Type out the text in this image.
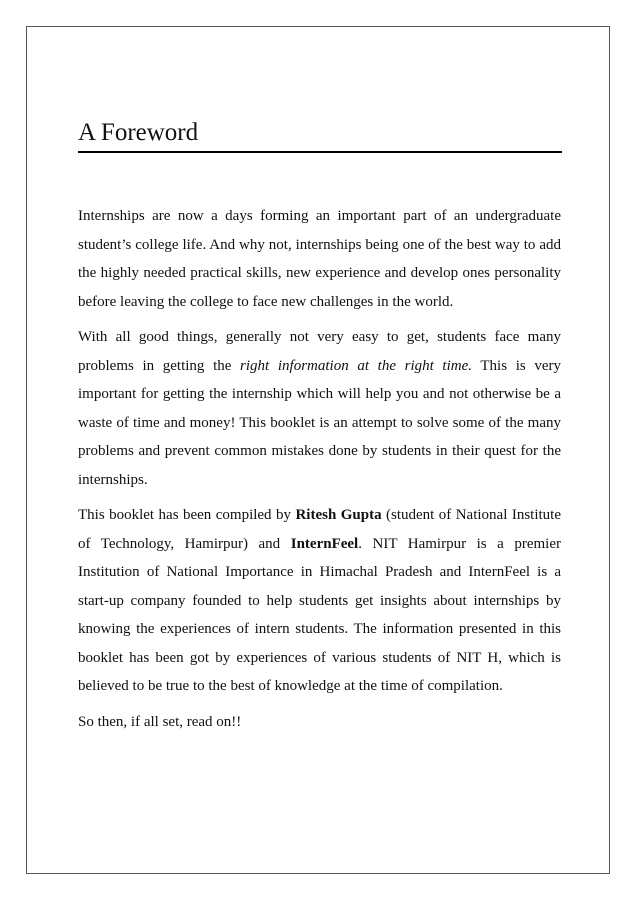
A Foreword

Internships are now a days forming an important part of an undergraduate student’s college life. And why not, internships being one of the best way to add the highly needed practical skills, new experience and develop ones personality before leaving the college to face new challenges in the world.

With all good things, generally not very easy to get, students face many problems in getting the right information at the right time. This is very important for getting the internship which will help you and not otherwise be a waste of time and money! This booklet is an attempt to solve some of the many problems and prevent common mistakes done by students in their quest for the internships.

This booklet has been compiled by Ritesh Gupta (student of National Institute of Technology, Hamirpur) and InternFeel. NIT Hamirpur is a premier Institution of National Importance in Himachal Pradesh and InternFeel is a start-up company founded to help students get insights about internships by knowing the experiences of intern students. The information presented in this booklet has been got by experiences of various students of NIT H, which is believed to be true to the best of knowledge at the time of compilation.

So then, if all set, read on!!
